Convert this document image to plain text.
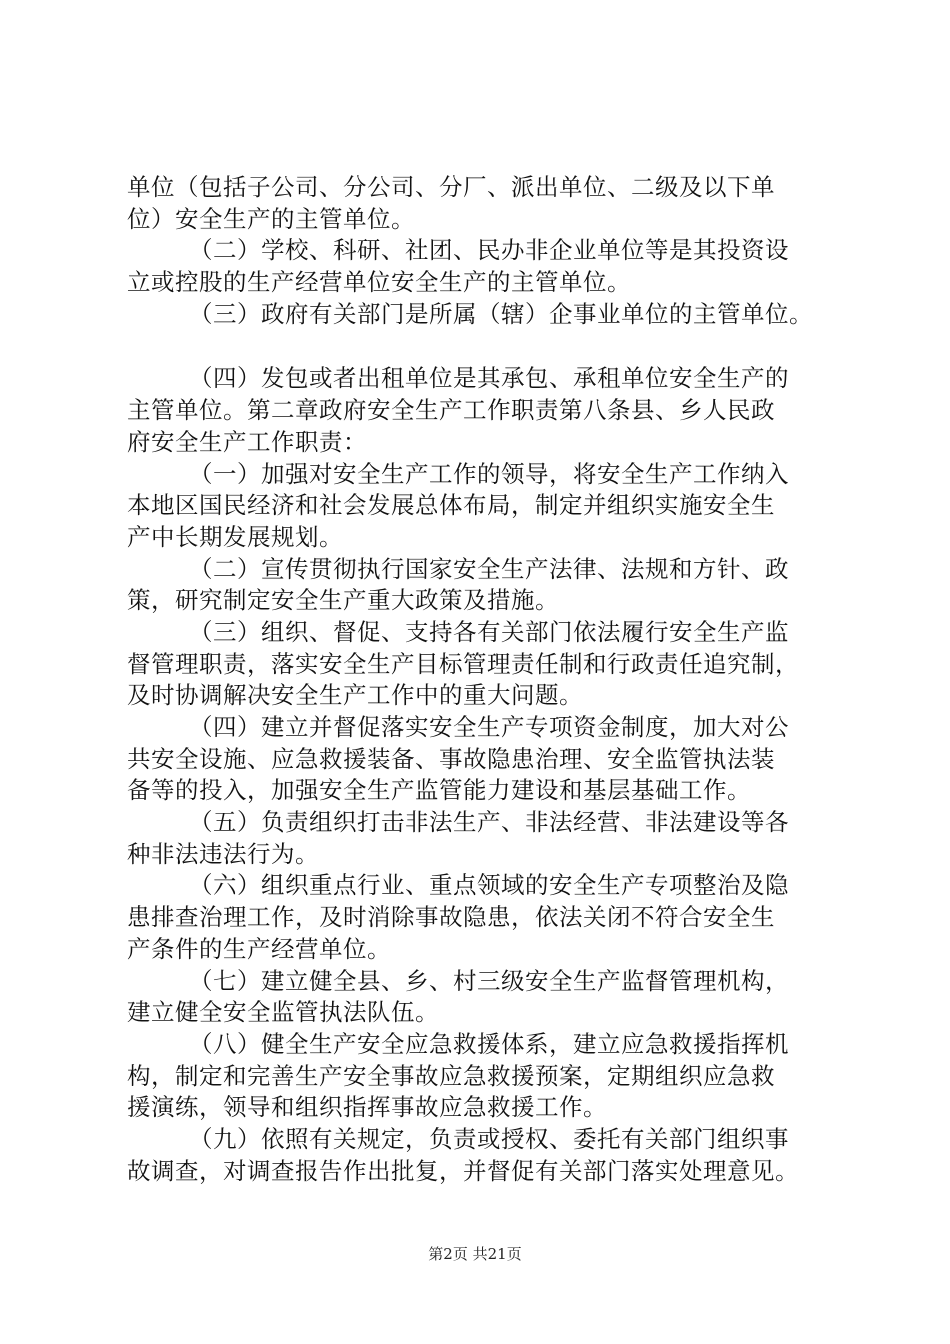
单位（包括子公司、分公司、分厂、派出单位、二级及以下单
位）安全生产的主管单位。
（二）学校、科研、社团、民办非企业单位等是其投资设
立或控股的生产经营单位安全生产的主管单位。
（三）政府有关部门是所属（辖）企事业单位的主管单位。
（四）发包或者出租单位是其承包、承租单位安全生产的
主管单位。第二章政府安全生产工作职责第八条县、乡人民政
府安全生产工作职责：
（一）加强对安全生产工作的领导，将安全生产工作纳入
本地区国民经济和社会发展总体布局，制定并组织实施安全生
产中长期发展规划。
（二）宣传贯彻执行国家安全生产法律、法规和方针、政
策，研究制定安全生产重大政策及措施。
（三）组织、督促、支持各有关部门依法履行安全生产监
督管理职责，落实安全生产目标管理责任制和行政责任追究制，
及时协调解决安全生产工作中的重大问题。
（四）建立并督促落实安全生产专项资金制度，加大对公
共安全设施、应急救援装备、事故隐患治理、安全监管执法装
备等的投入，加强安全生产监管能力建设和基层基础工作。
（五）负责组织打击非法生产、非法经营、非法建设等各
种非法违法行为。
（六）组织重点行业、重点领域的安全生产专项整治及隐
患排查治理工作，及时消除事故隐患，依法关闭不符合安全生
产条件的生产经营单位。
（七）建立健全县、乡、村三级安全生产监督管理机构，
建立健全安全监管执法队伍。
（八）健全生产安全应急救援体系，建立应急救援指挥机
构，制定和完善生产安全事故应急救援预案，定期组织应急救
援演练，领导和组织指挥事故应急救援工作。
（九）依照有关规定，负责或授权、委托有关部门组织事
故调查，对调查报告作出批复，并督促有关部门落实处理意见。
第2页 共21页
